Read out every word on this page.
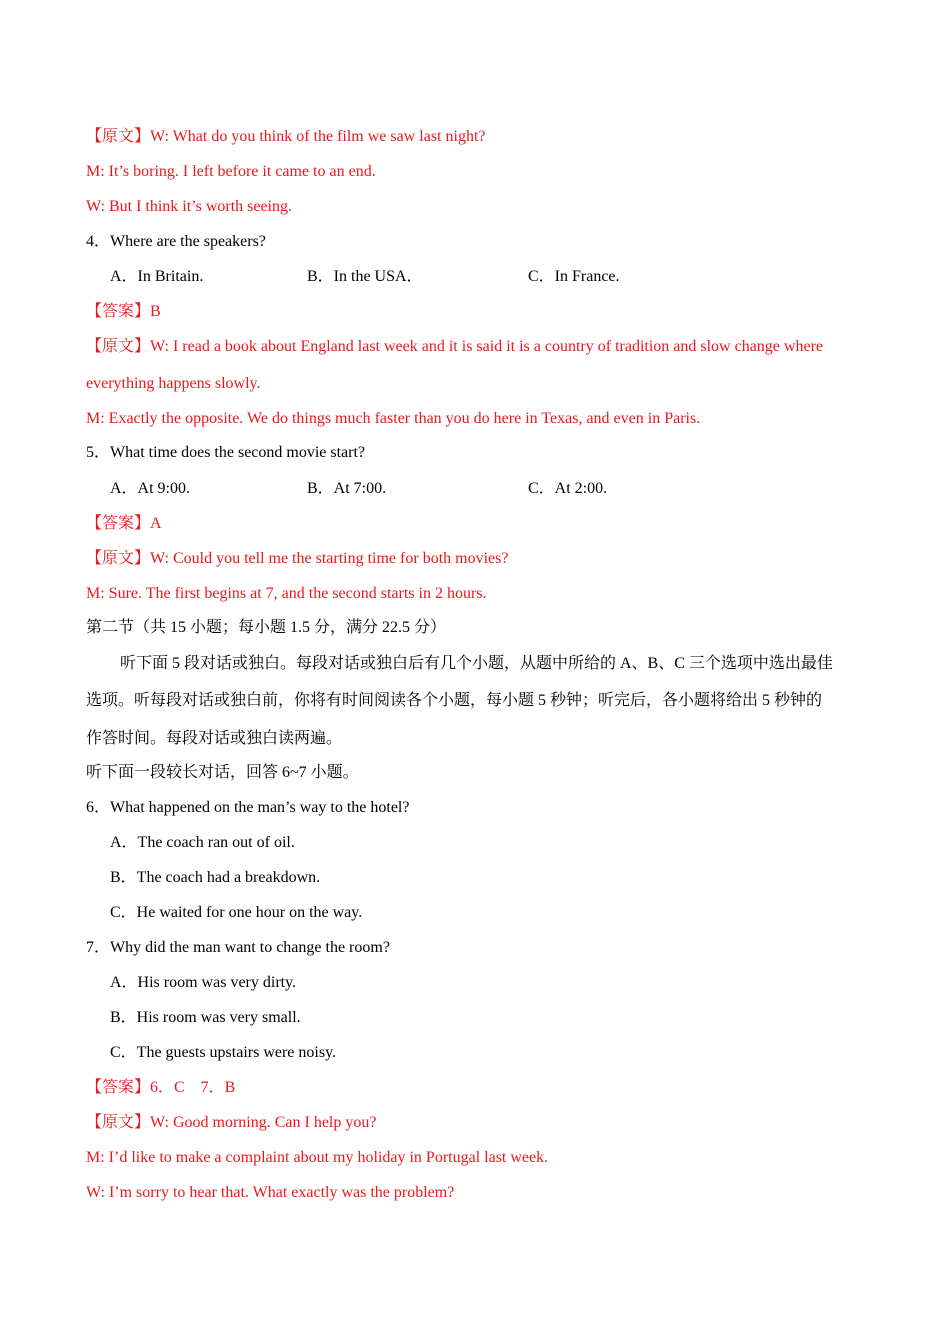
【原文】W: What do you think of the film we saw last night?
M: It’s boring. I left before it came to an end.
W: But I think it’s worth seeing.
4．Where are the speakers?
A．In Britain.	B．In the USA．	C．In France.
【答案】B
【原文】W: I read a book about England last week and it is said it is a country of tradition and slow change where
everything happens slowly.
M: Exactly the opposite. We do things much faster than you do here in Texas, and even in Paris.
5．What time does the second movie start?
A．At 9:00.	B．At 7:00.	C．At 2:00.
【答案】A
【原文】W: Could you tell me the starting time for both movies?
M: Sure. The first begins at 7, and the second starts in 2 hours.
第二节（共 15 小题；每小题 1.5 分，满分 22.5 分）
听下面 5 段对话或独白。每段对话或独白后有几个小题，从题中所给的 A、B、C 三个选项中选出最佳
选项。听每段对话或独白前，你将有时间阅读各个小题，每小题 5 秒钟；听完后，各小题将给出 5 秒钟的
作答时间。每段对话或独白读两遍。
听下面一段较长对话，回答 6~7 小题。
6．What happened on the man’s way to the hotel?
A．The coach ran out of oil.
B．The coach had a breakdown.
C．He waited for one hour on the way.
7．Why did the man want to change the room?
A．His room was very dirty.
B．His room was very small.
C．The guests upstairs were noisy.
【答案】6．C　7．B
【原文】W: Good morning. Can I help you?
M: I’d like to make a complaint about my holiday in Portugal last week.
W: I’m sorry to hear that. What exactly was the problem?
